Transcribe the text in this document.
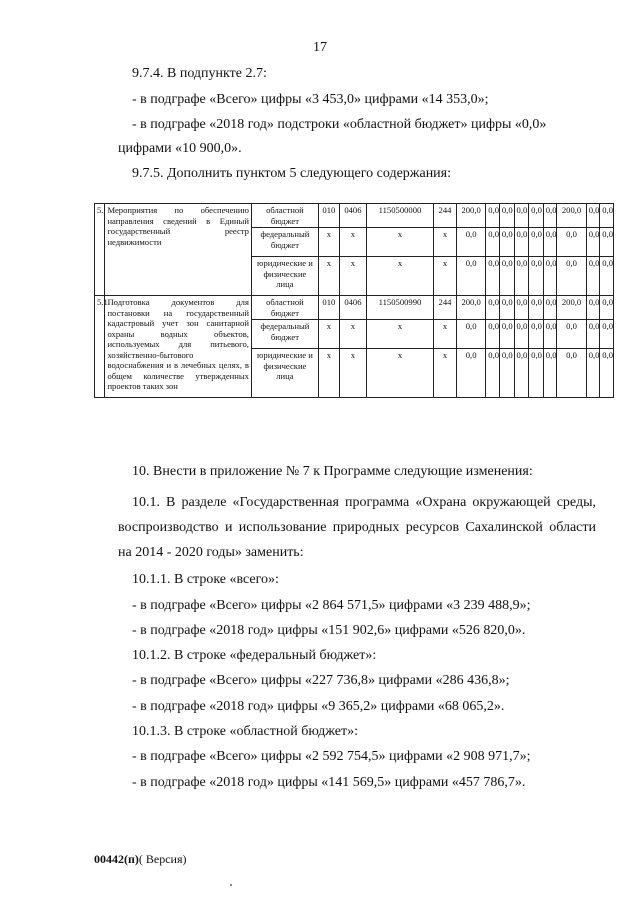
17
9.7.4. В подпункте 2.7:
- в подграфе «Всего» цифры «3 453,0» цифрами «14 353,0»;
- в подграфе «2018 год» подстроки «областной бюджет» цифры «0,0»
цифрами «10 900,0».
9.7.5. Дополнить пунктом 5 следующего содержания:
5.	Мероприятия по обеспечению направления сведений в Единый государственный реестр недвижимости	областной бюджет	010	0406	1150500000	244	200,0	0,0	0,0	0,0	0,0	0,0	200,0	0,0	0,0
		федеральный бюджет	x	x	x	x	0,0	0,0	0,0	0,0	0,0	0,0	0,0	0,0	0,0
		юридические и физические лица	x	x	x	x	0,0	0,0	0,0	0,0	0,0	0,0	0,0	0,0	0,0
5.1	Подготовка документов для постановки на государственный кадастровый учет зон санитарной охраны водных объектов, используемых для питьевого, хозяйственно-бытового водоснабжения и в лечебных целях, в общем количестве утвержденных проектов таких зон	областной бюджет	010	0406	1150500990	244	200,0	0,0	0,0	0,0	0,0	0,0	200,0	0,0	0,0
		федеральный бюджет	x	x	x	x	0,0	0,0	0,0	0,0	0,0	0,0	0,0	0,0	0,0
		юридические и физические лица	x	x	x	x	0,0	0,0	0,0	0,0	0,0	0,0	0,0	0,0	0,0
10. Внести в приложение № 7 к Программе следующие изменения:

10.1. В разделе «Государственная программа «Охрана окружающей среды, воспроизводство и использование природных ресурсов Сахалинской области на 2014 - 2020 годы» заменить:

10.1.1. В строке «всего»:
- в подграфе «Всего» цифры «2 864 571,5» цифрами «3 239 488,9»;
- в подграфе «2018 год» цифры «151 902,6» цифрами «526 820,0».
10.1.2. В строке «федеральный бюджет»:
- в подграфе «Всего» цифры «227 736,8» цифрами «286 436,8»;
- в подграфе «2018 год» цифры «9 365,2» цифрами «68 065,2».
10.1.3. В строке «областной бюджет»:
- в подграфе «Всего» цифры «2 592 754,5» цифрами «2 908 971,7»;
- в подграфе «2018 год» цифры «141 569,5» цифрами «457 786,7».
00442(п)( Версия)
